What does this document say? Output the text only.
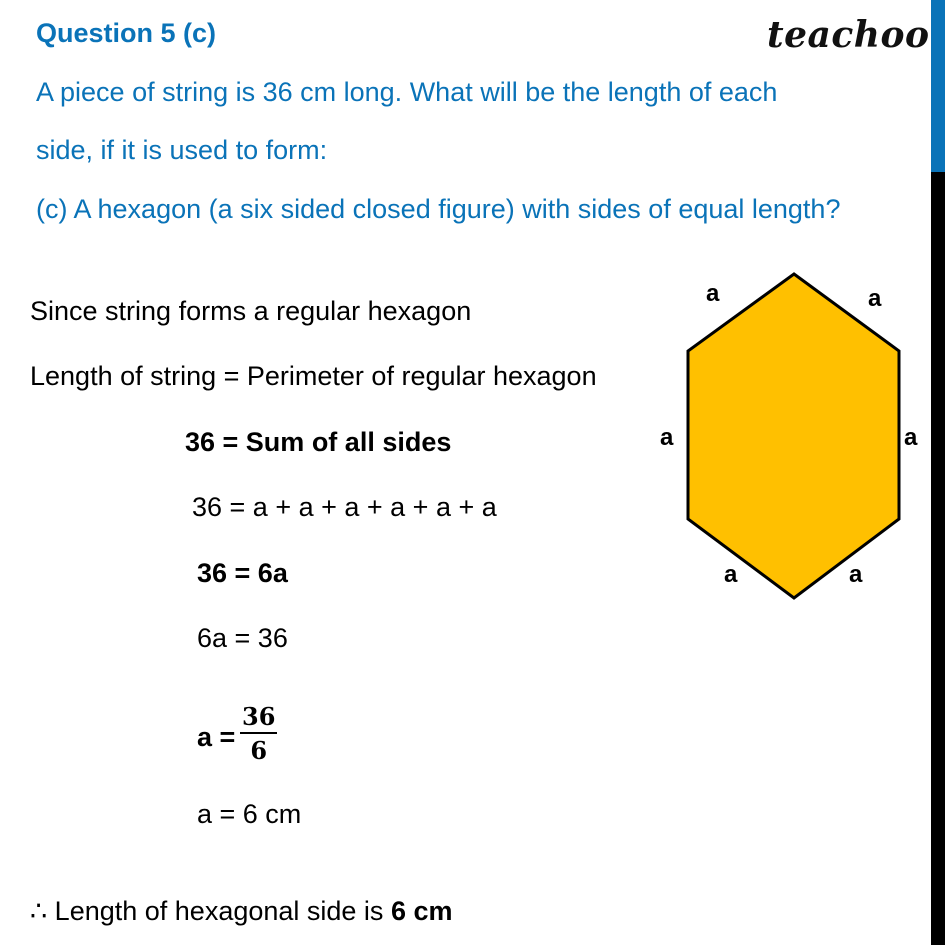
Question 5 (c)	teachoo
A piece of string is 36 cm long. What will be the length of each
side, if it is used to form:
(c) A hexagon (a six sided closed figure) with sides of equal length?
Since string forms a regular hexagon
Length of string = Perimeter of regular hexagon
36 = Sum of all sides
36 = a + a + a + a + a + a
36 = 6a
6a = 36
$a = \frac{36}{6}$
a = 6 cm
∴ Length of hexagonal side is 6 cm
a	a
a
a
a
a
